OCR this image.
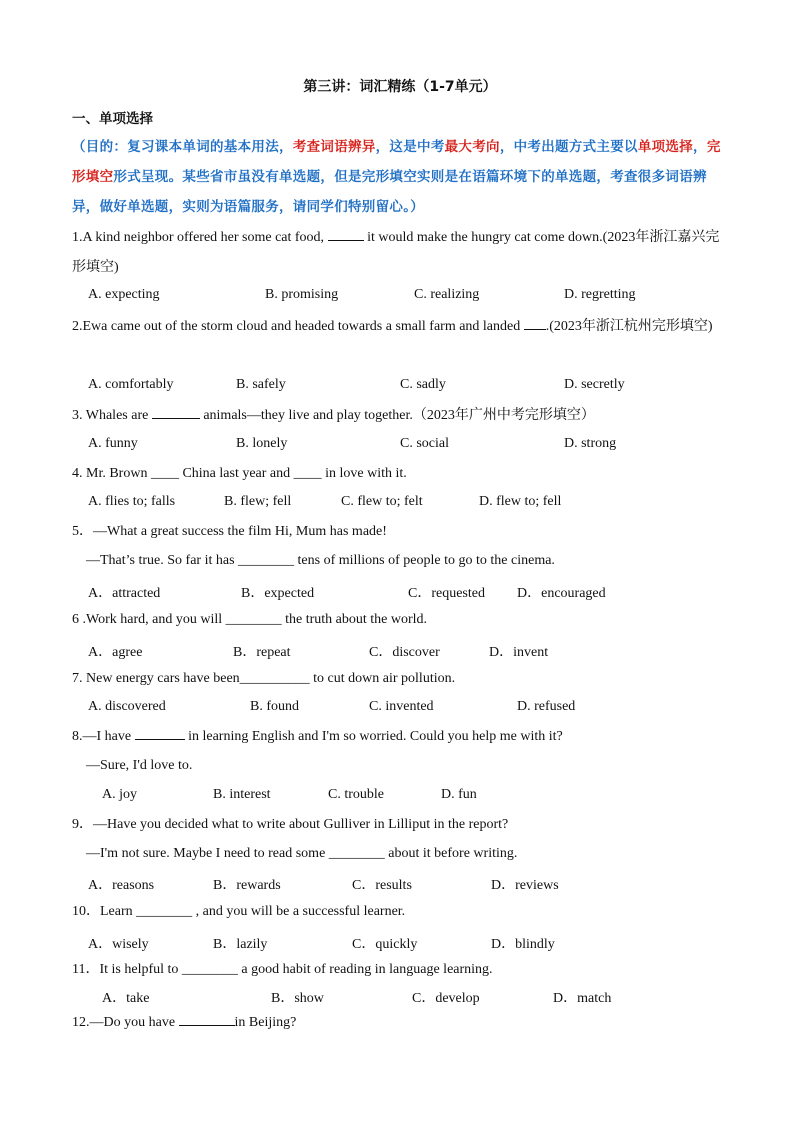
第三讲：词汇精练（1-7单元）
一、单项选择
（目的：复习课本单词的基本用法，考查词语辨异，这是中考最大考向，中考出题方式主要以单项选择，完形填空形式呈现。某些省市虽没有单选题，但是完形填空实则是在语篇环境下的单选题，考查很多词语辨异，做好单选题，实则为语篇服务，请同学们特别留心。）
1.A kind neighbor offered her some cat food,	it would make the hungry cat come down.(2023年浙江嘉兴完形填空)
A. expecting	B. promising	C. realizing	D. regretting
2.Ewa came out of the storm cloud and headed towards a small farm and landed .(2023年浙江杭州完形填空)
A. comfortably	B. safely	C. sadly	D. secretly
3. Whales are	animals—they live and play together.（2023年广州中考完形填空）
A. funny	B. lonely	C. social	D. strong
4. Mr. Brown ____ China last year and ____ in love with it.
A. flies to; falls	B. flew; fell	C. flew to; felt	D. flew to; fell
5．—What a great success the film Hi, Mum has made!
—That’s true. So far it has ________ tens of millions of people to go to the cinema.
A．attracted	B．expected	C．requested D．encouraged
6 .Work hard, and you will ________ the truth about the world.
A．agree	B．repeat	C．discover	D．invent
7. New energy cars have been__________ to cut down air pollution.
A. discovered	B. found	C. invented	D. refused
8.—I have	in learning English and I'm so worried. Could you help me with it?
—Sure, I'd love to.
A. joy	B. interest	C. trouble	D. fun
9．—Have you decided what to write about Gulliver in Lilliput in the report?
—I'm not sure. Maybe I need to read some ________ about it before writing.
A．reasons	B．rewards	C．results	D．reviews
10．Learn ________ , and you will be a successful learner.
A．wisely	B．lazily	C．quickly	D．blindly
11．It is helpful to ________ a good habit of reading in language learning.
A．take	B．show	C．develop	D．match
12.—Do you have	in Beijing?
